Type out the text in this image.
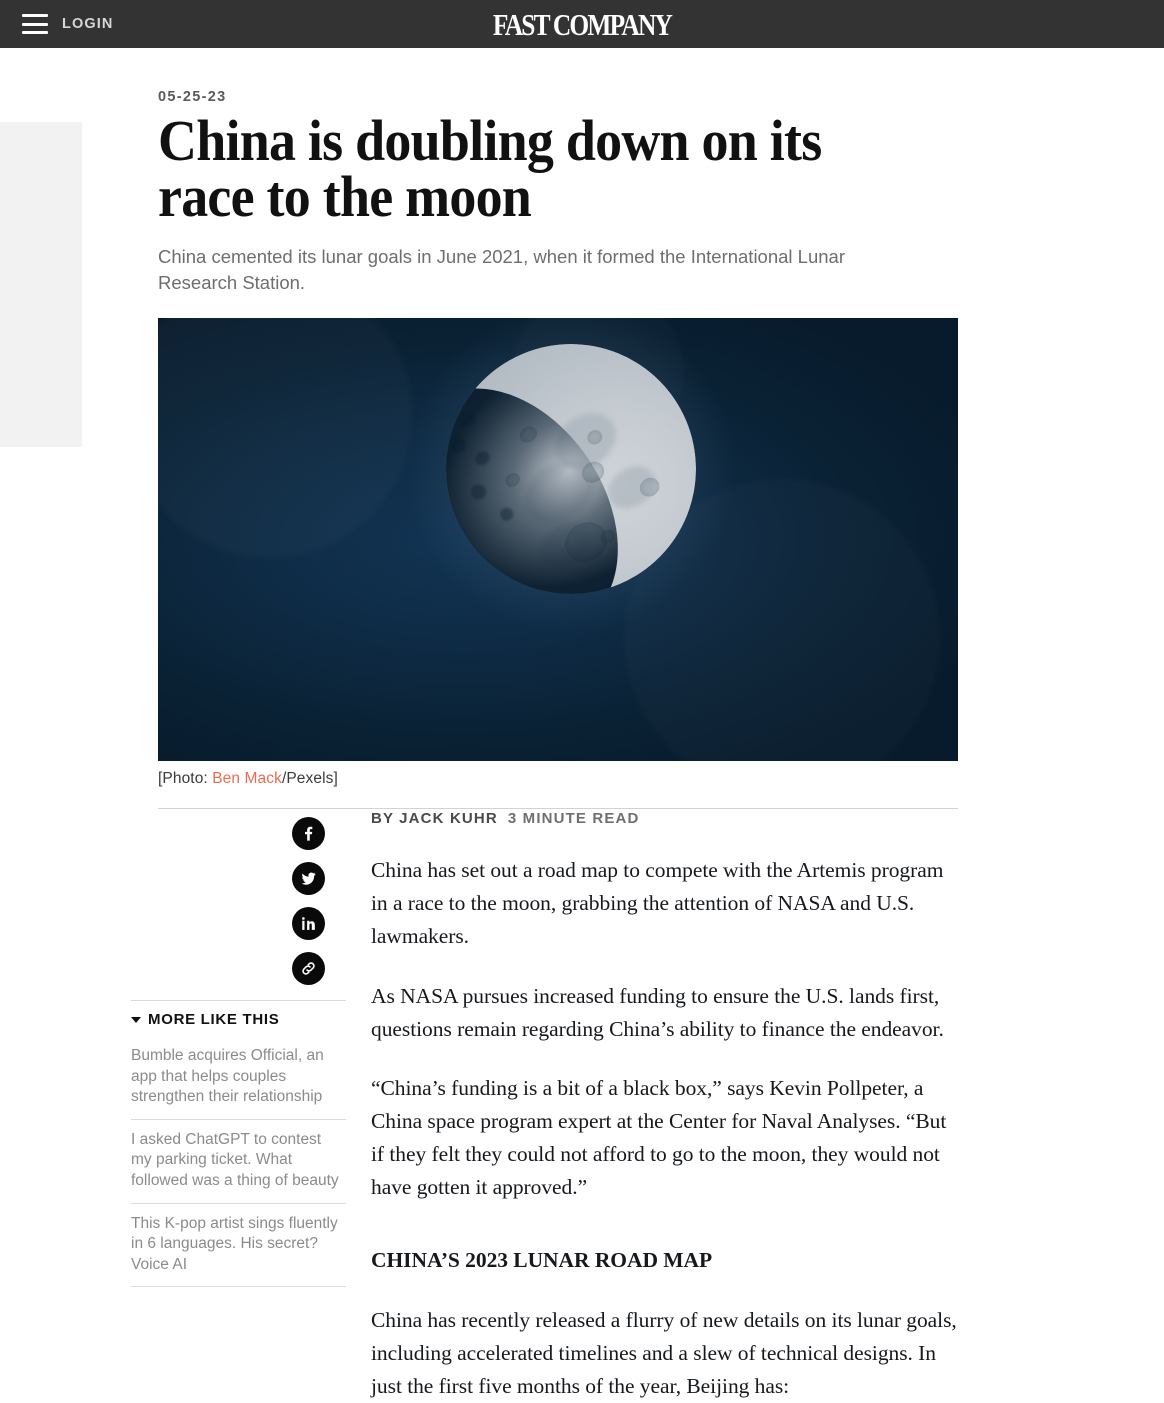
LOGIN	FAST COMPANY
05-25-23
China is doubling down on its race to the moon
China cemented its lunar goals in June 2021, when it formed the International Lunar Research Station.
[Photo: Ben Mack/Pexels]
MORE LIKE THIS
Bumble acquires Official, an app that helps couples strengthen their relationship
I asked ChatGPT to contest my parking ticket. What followed was a thing of beauty
This K-pop artist sings fluently in 6 languages. His secret? Voice AI
BY JACK KUHR 3 MINUTE READ

China has set out a road map to compete with the Artemis program in a race to the moon, grabbing the attention of NASA and U.S. lawmakers.

As NASA pursues increased funding to ensure the U.S. lands first, questions remain regarding China’s ability to finance the endeavor.

“China’s funding is a bit of a black box,” says Kevin Pollpeter, a China space program expert at the Center for Naval Analyses. “But if they felt they could not afford to go to the moon, they would not have gotten it approved.”

CHINA’S 2023 LUNAR ROAD MAP

China has recently released a flurry of new details on its lunar goals, including accelerated timelines and a slew of technical designs. In just the first five months of the year, Beijing has:
